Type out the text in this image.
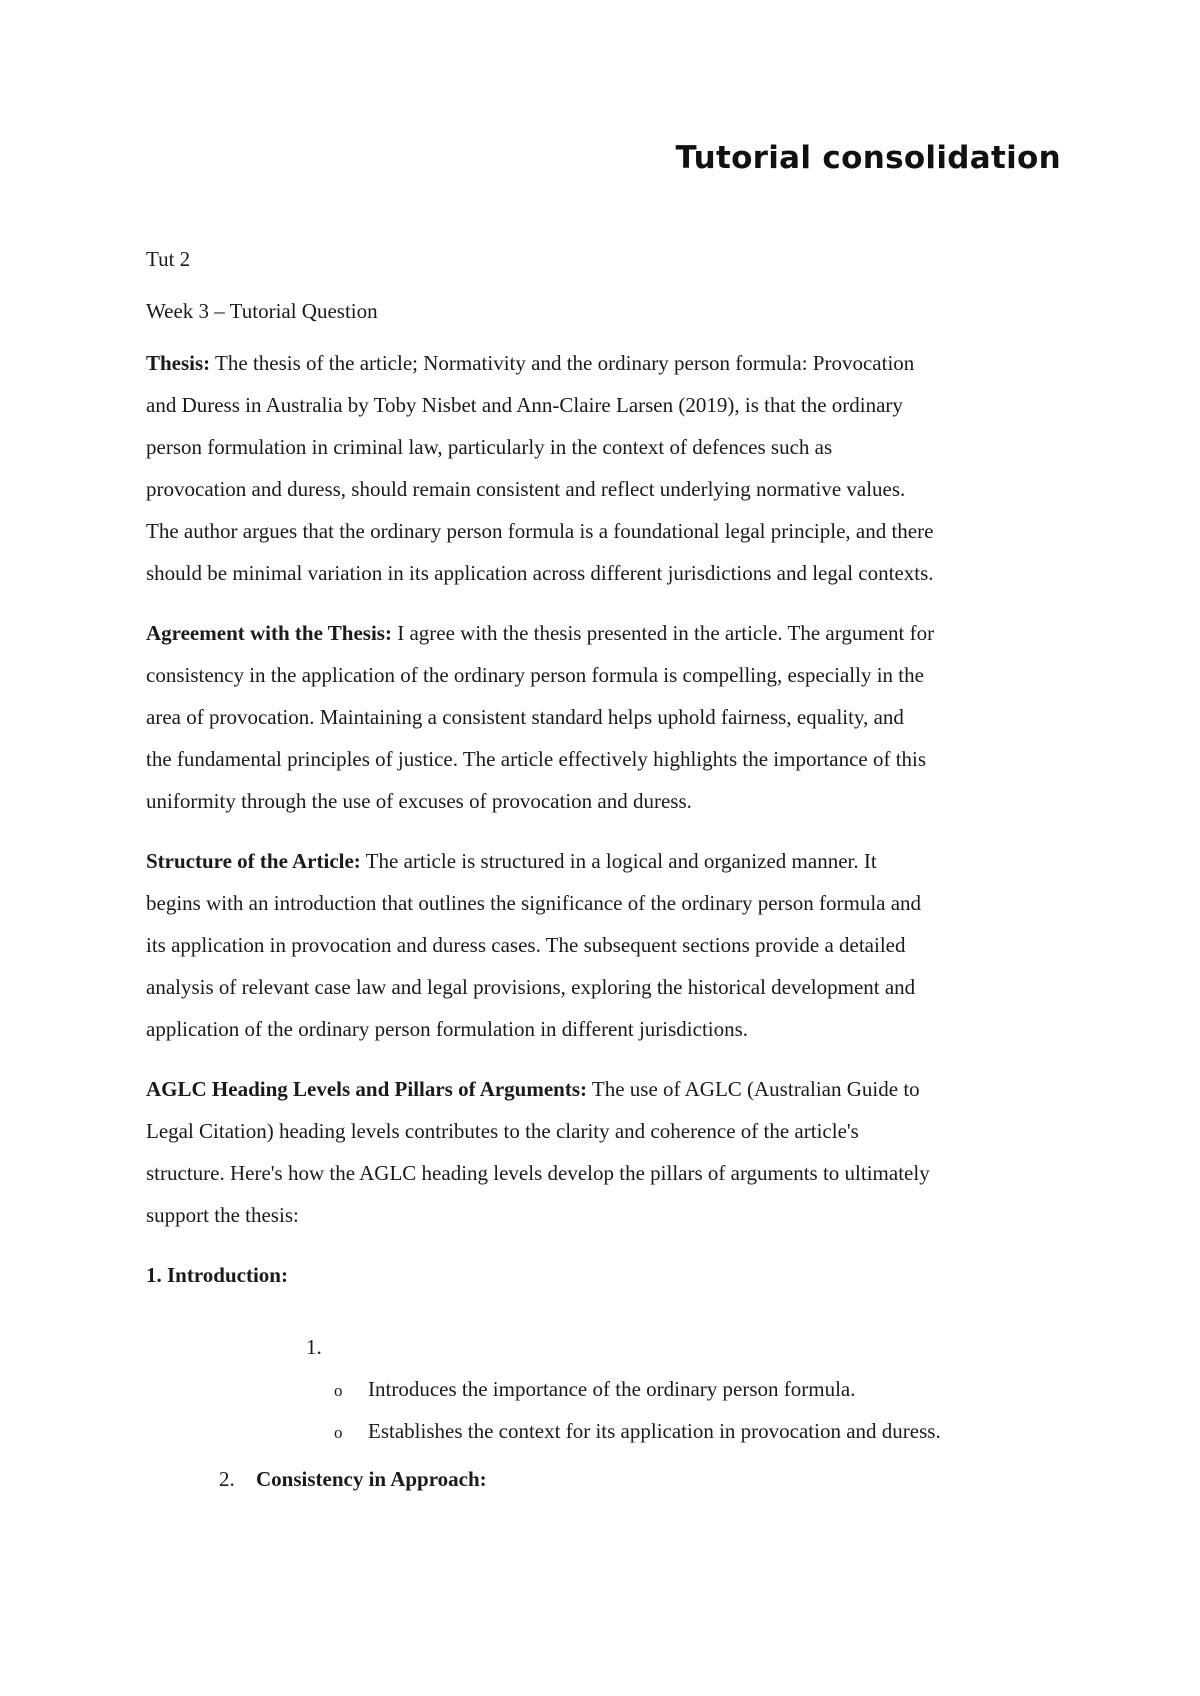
Tutorial consolidation

Tut 2

Week 3 – Tutorial Question

Thesis: The thesis of the article; Normativity and the ordinary person formula: Provocation

and Duress in Australia by Toby Nisbet and Ann-Claire Larsen (2019), is that the ordinary

person formulation in criminal law, particularly in the context of defences such as

provocation and duress, should remain consistent and reflect underlying normative values.

The author argues that the ordinary person formula is a foundational legal principle, and there

should be minimal variation in its application across different jurisdictions and legal contexts.

Agreement with the Thesis: I agree with the thesis presented in the article. The argument for

consistency in the application of the ordinary person formula is compelling, especially in the

area of provocation. Maintaining a consistent standard helps uphold fairness, equality, and

the fundamental principles of justice. The article effectively highlights the importance of this

uniformity through the use of excuses of provocation and duress.

Structure of the Article: The article is structured in a logical and organized manner. It

begins with an introduction that outlines the significance of the ordinary person formula and

its application in provocation and duress cases. The subsequent sections provide a detailed

analysis of relevant case law and legal provisions, exploring the historical development and

application of the ordinary person formulation in different jurisdictions.

AGLC Heading Levels and Pillars of Arguments: The use of AGLC (Australian Guide to

Legal Citation) heading levels contributes to the clarity and coherence of the article's

structure. Here's how the AGLC heading levels develop the pillars of arguments to ultimately

support the thesis:

1. Introduction:

1.
o Introduces the importance of the ordinary person formula.
o Establishes the context for its application in provocation and duress.
2. Consistency in Approach:
